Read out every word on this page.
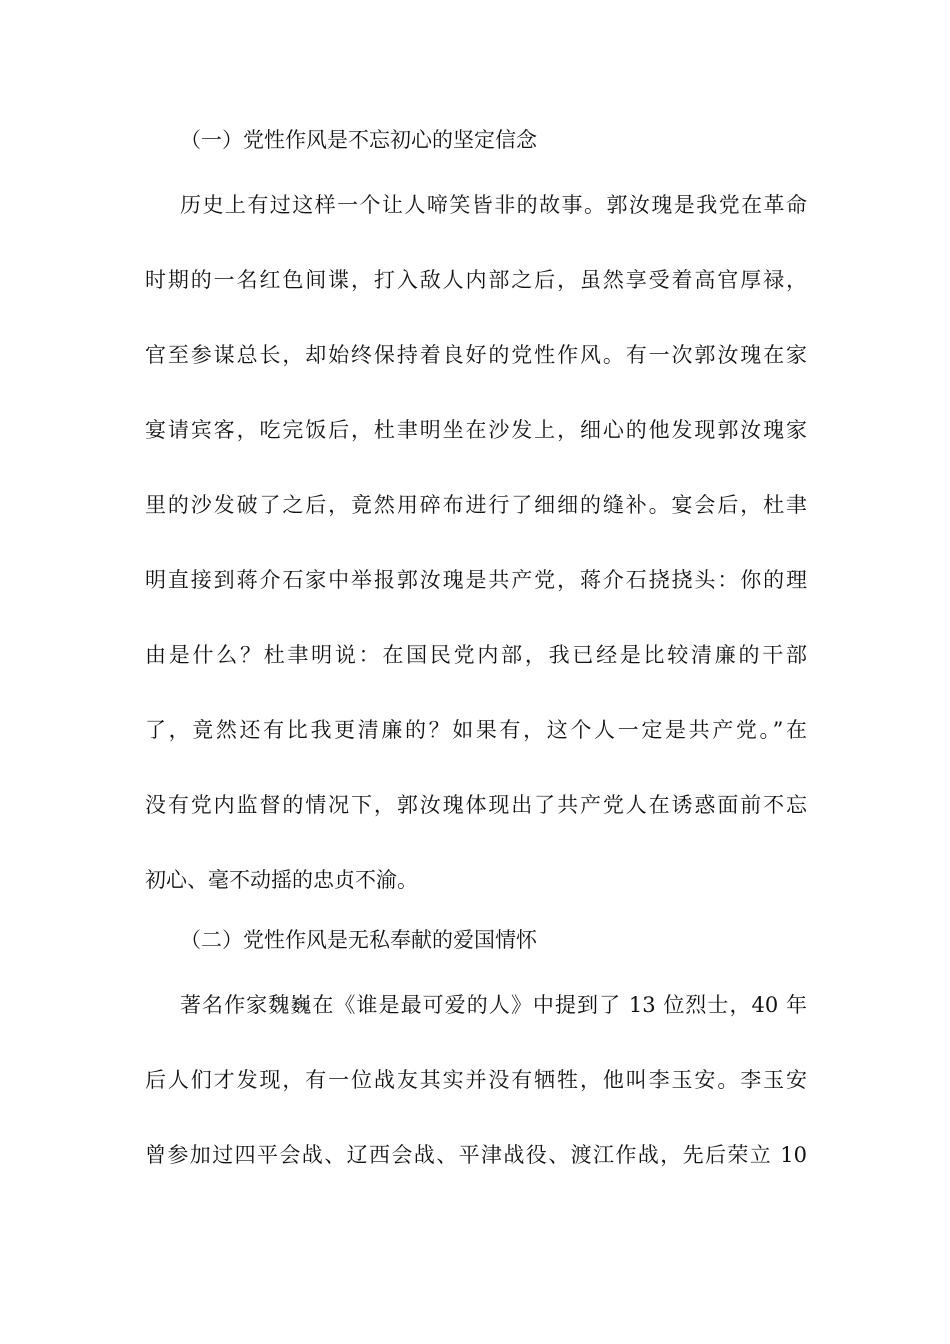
（一）党性作风是不忘初心的坚定信念
历史上有过这样一个让人啼笑皆非的故事。郭汝瑰是我党在革命
时期的一名红色间谍，打入敌人内部之后，虽然享受着高官厚禄，
官至参谋总长，却始终保持着良好的党性作风。有一次郭汝瑰在家
宴请宾客，吃完饭后，杜聿明坐在沙发上，细心的他发现郭汝瑰家
里的沙发破了之后，竟然用碎布进行了细细的缝补。宴会后，杜聿
明直接到蒋介石家中举报郭汝瑰是共产党，蒋介石挠挠头：你的理
由是什么？杜聿明说：在国民党内部，我已经是比较清廉的干部
了，竟然还有比我更清廉的？如果有，这个人一定是共产党。”在
没有党内监督的情况下，郭汝瑰体现出了共产党人在诱惑面前不忘
初心、毫不动摇的忠贞不渝。
（二）党性作风是无私奉献的爱国情怀
著名作家魏巍在《谁是最可爱的人》中提到了 13 位烈士，40 年
后人们才发现，有一位战友其实并没有牺牲，他叫李玉安。李玉安
曾参加过四平会战、辽西会战、平津战役、渡江作战，先后荣立 10
